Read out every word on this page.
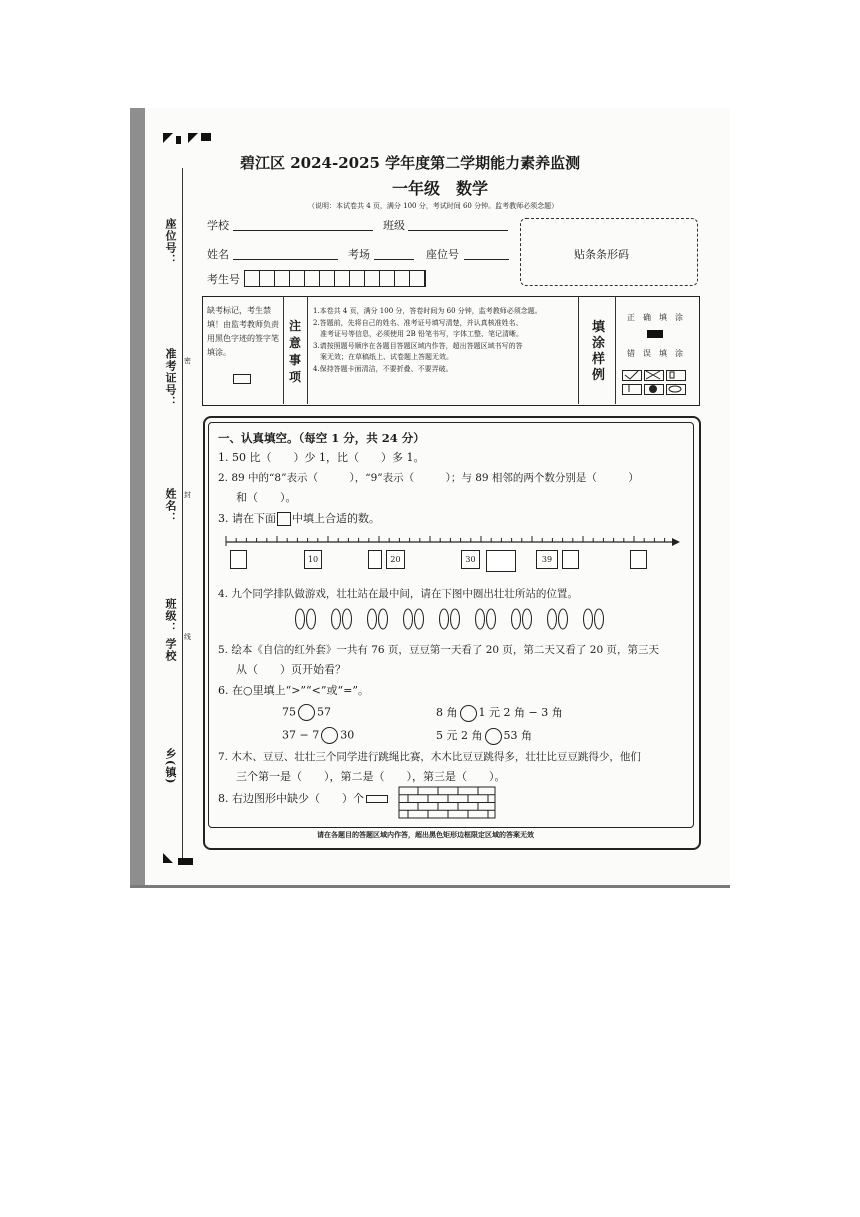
座位号：
准考证号：
姓名：
班级：
学校
乡(镇)
密
封
线
碧江区 2024-2025 学年度第二学期能力素养监测
一年级　数学
（说明：本试卷共 4 页，满分 100 分，考试时间 60 分钟。监考教师必须念题）
学校	班级
姓名	考场	座位号
考生号
贴条条形码
缺考标记，考生禁填！由监考教师负责用黑色字迹的签字笔填涂。
注意事项
1.本卷共 4 页，满分 100 分，答卷时间为 60 分钟，监考教师必须念题。
2.答题前，先将自己的姓名、准考证号填写清楚，并认真核准姓名、
　准考证号等信息，必须使用 2B 铅笔书写，字体工整、笔记清晰。
3.请按照题号顺序在各题目答题区域内作答，超出答题区域书写的答
　案无效；在草稿纸上、试卷题上答题无效。
4.保持答题卡面清洁，不要折叠、不要弄破。
填涂样例
正　确　填　涂
错　误　填　涂
一、认真填空。（每空 1 分，共 24 分）
1. 50 比（　　）少 1，比（　　）多 1。
2. 89 中的“8”表示（　　　），“9”表示（　　　）；与 89 相邻的两个数分别是（　　　）
和（　　）。
3. 请在下面 中填上合适的数。
10	20	30	39
4. 九个同学排队做游戏，壮壮站在最中间，请在下图中圈出壮壮所站的位置。
5. 绘本《自信的红外套》一共有 76 页，豆豆第一天看了 20 页，第二天又看了 20 页，第三天
从（　　）页开始看？
6. 在○里填上“>”“<”或“=”。
75 57	8 角 1 元 2 角 − 3 角
37 − 7 30	5 元 2 角 53 角
7. 木木、豆豆、壮壮三个同学进行跳绳比赛，木木比豆豆跳得多，壮壮比豆豆跳得少，他们
三个第一是（　　），第二是（　　），第三是（　　）。
8. 右边图形中缺少（　　）个
请在各题目的答题区域内作答，超出黑色矩形边框限定区域的答案无效
